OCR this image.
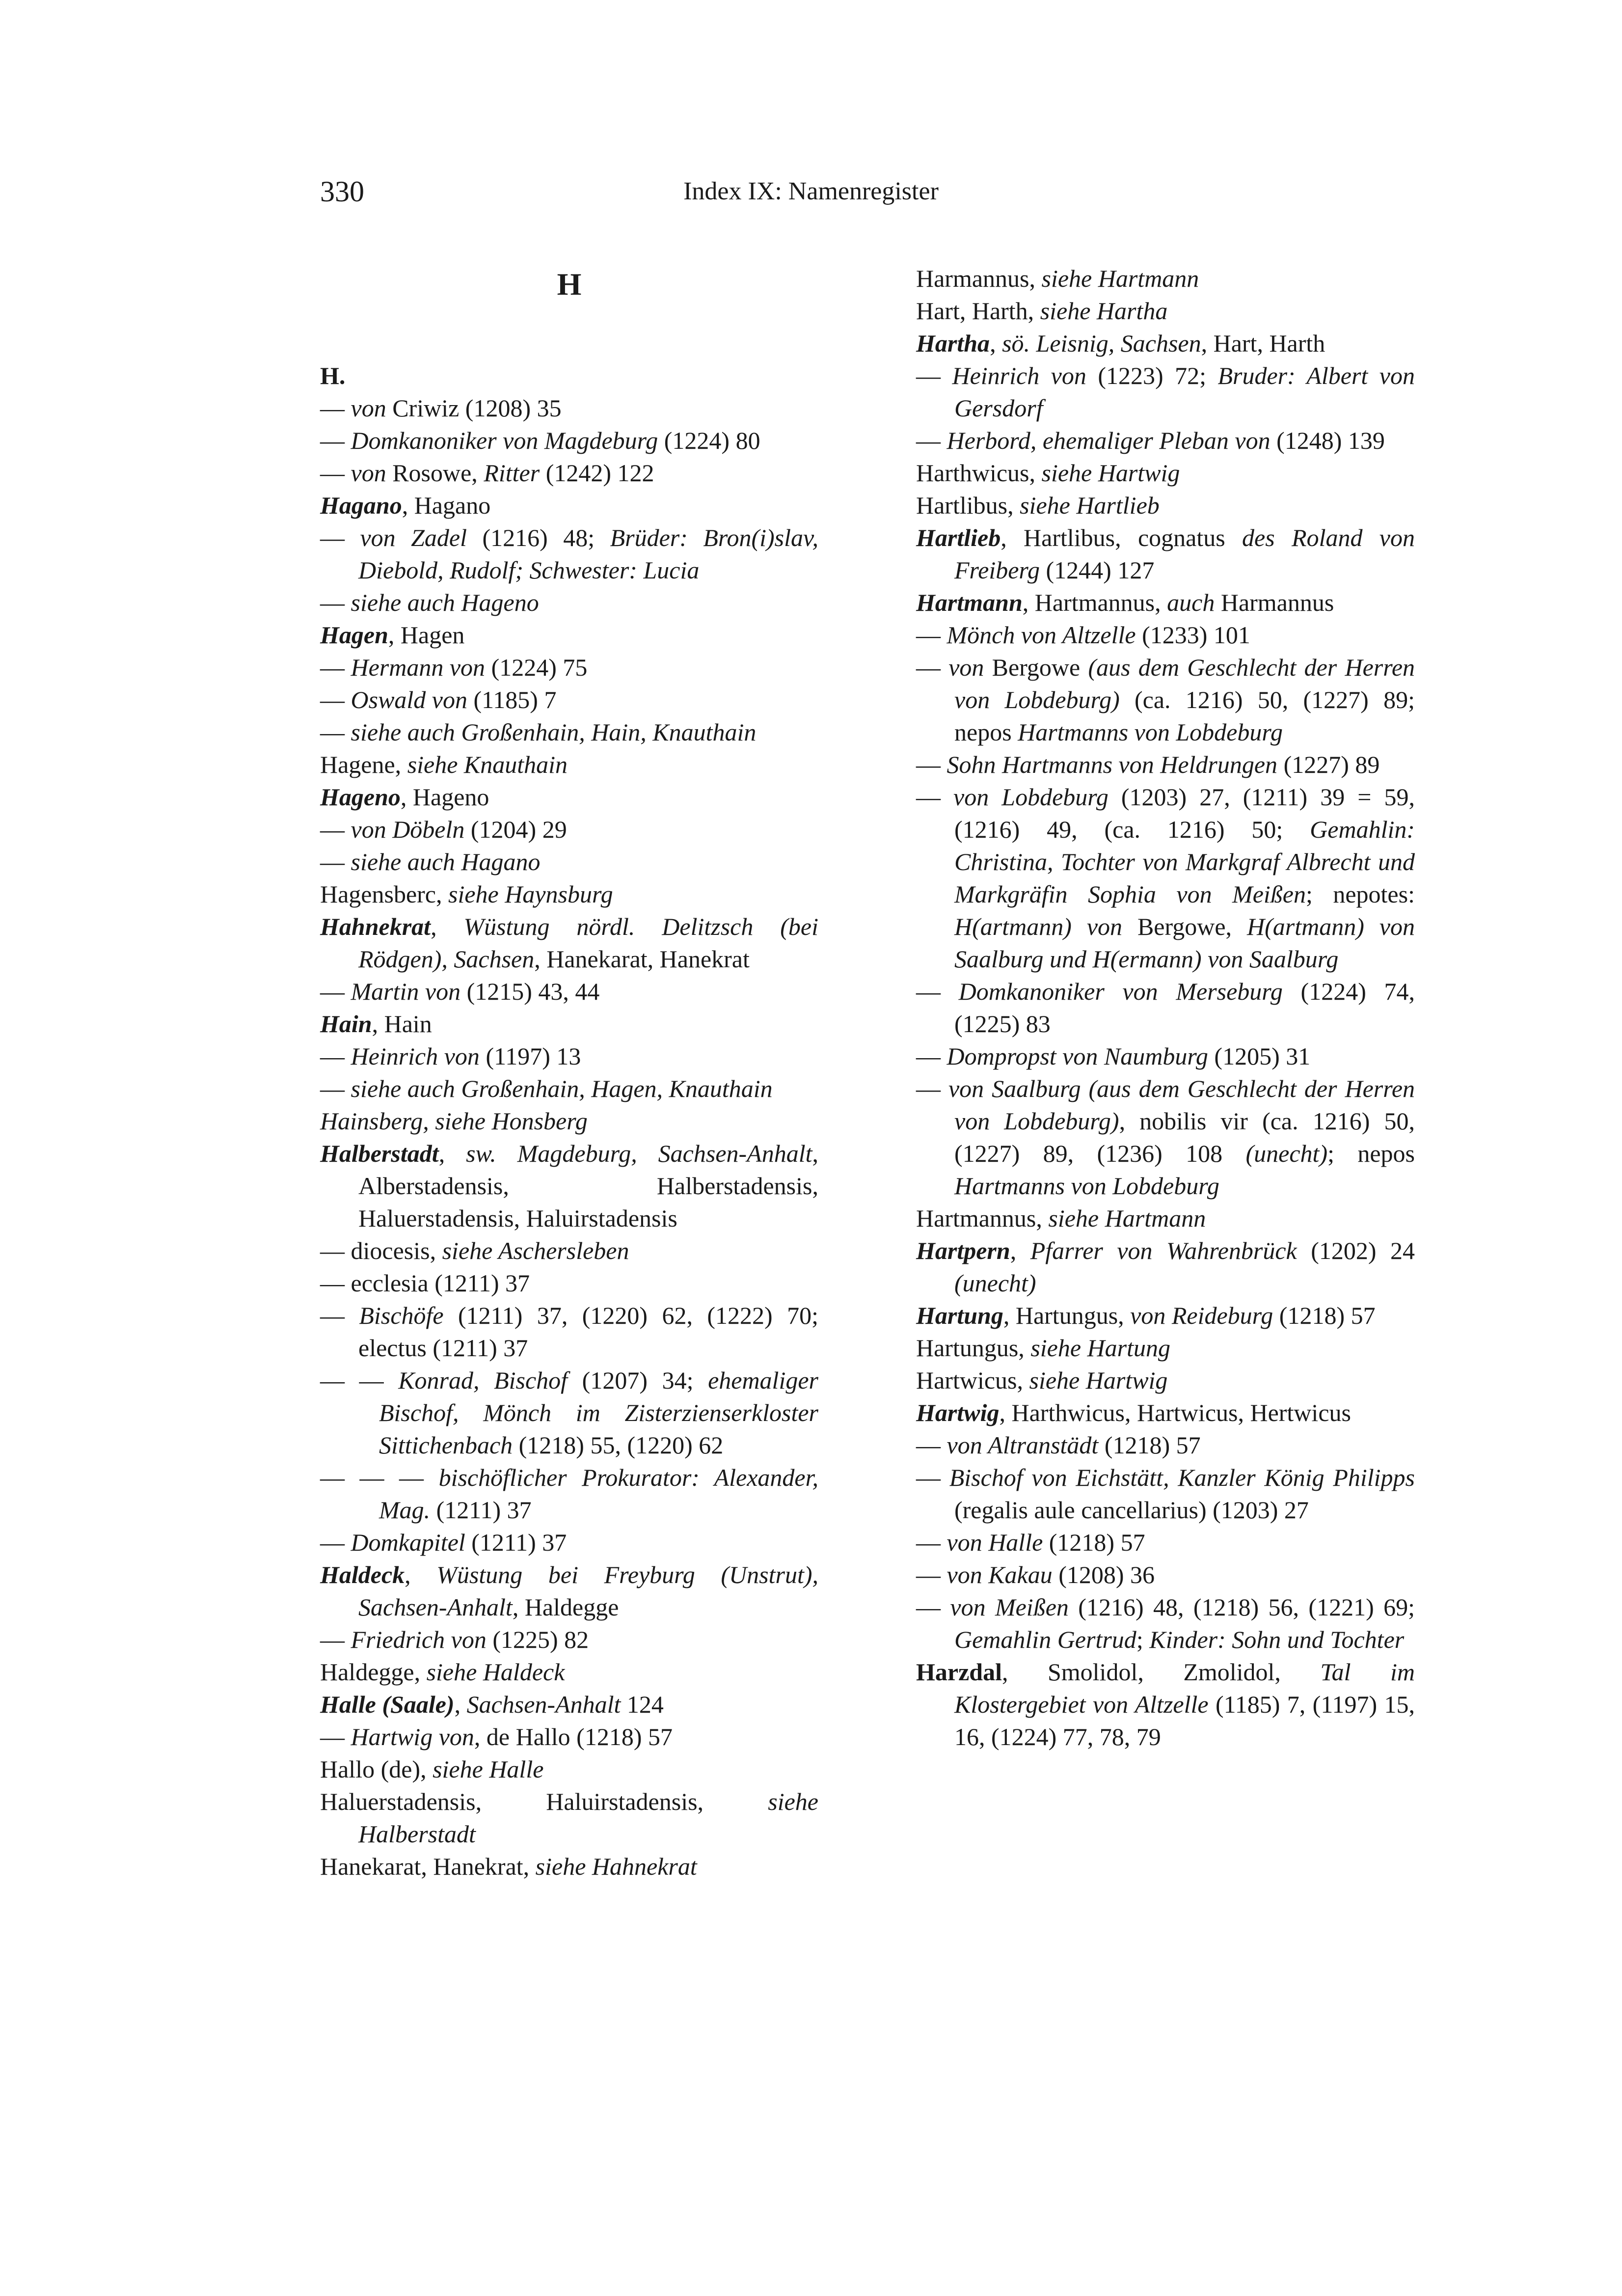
330	Index IX: Namenregister
H
H.
— von Criwiz (1208) 35
— Domkanoniker von Magdeburg (1224) 80
— von Rosowe, Ritter (1242) 122
Hagano, Hagano
— von Zadel (1216) 48; Brüder: Bron(i)slav, Diebold, Rudolf; Schwester: Lucia
— siehe auch Hageno
Hagen, Hagen
— Hermann von (1224) 75
— Oswald von (1185) 7
— siehe auch Großenhain, Hain, Knauthain
Hagene, siehe Knauthain
Hageno, Hageno
— von Döbeln (1204) 29
— siehe auch Hagano
Hagensberc, siehe Haynsburg
Hahnekrat, Wüstung nördl. Delitzsch (bei Rödgen), Sachsen, Hanekarat, Hanekrat
— Martin von (1215) 43, 44
Hain, Hain
— Heinrich von (1197) 13
— siehe auch Großenhain, Hagen, Knauthain
Hainsberg, siehe Honsberg
Halberstadt, sw. Magdeburg, Sachsen-Anhalt, Alberstadensis, Halberstadensis, Haluerstadensis, Haluirstadensis
— diocesis, siehe Aschersleben
— ecclesia (1211) 37
— Bischöfe (1211) 37, (1220) 62, (1222) 70; electus (1211) 37
— — Konrad, Bischof (1207) 34; ehemaliger Bischof, Mönch im Zisterzienserkloster Sittichenbach (1218) 55, (1220) 62
— — — bischöflicher Prokurator: Alexander, Mag. (1211) 37
— Domkapitel (1211) 37
Haldeck, Wüstung bei Freyburg (Unstrut), Sachsen-Anhalt, Haldegge
— Friedrich von (1225) 82
Haldegge, siehe Haldeck
Halle (Saale), Sachsen-Anhalt 124
— Hartwig von, de Hallo (1218) 57
Hallo (de), siehe Halle
Haluerstadensis, Haluirstadensis, siehe Halberstadt
Hanekarat, Hanekrat, siehe Hahnekrat
Harmannus, siehe Hartmann
Hart, Harth, siehe Hartha
Hartha, sö. Leisnig, Sachsen, Hart, Harth
— Heinrich von (1223) 72; Bruder: Albert von Gersdorf
— Herbord, ehemaliger Pleban von (1248) 139
Harthwicus, siehe Hartwig
Hartlibus, siehe Hartlieb
Hartlieb, Hartlibus, cognatus des Roland von Freiberg (1244) 127
Hartmann, Hartmannus, auch Harmannus
— Mönch von Altzelle (1233) 101
— von Bergowe (aus dem Geschlecht der Herren von Lobdeburg) (ca. 1216) 50, (1227) 89; nepos Hartmanns von Lobdeburg
— Sohn Hartmanns von Heldrungen (1227) 89
— von Lobdeburg (1203) 27, (1211) 39 = 59, (1216) 49, (ca. 1216) 50; Gemahlin: Christina, Tochter von Markgraf Albrecht und Markgräfin Sophia von Meißen; nepotes: H(artmann) von Bergowe, H(artmann) von Saalburg und H(ermann) von Saalburg
— Domkanoniker von Merseburg (1224) 74, (1225) 83
— Dompropst von Naumburg (1205) 31
— von Saalburg (aus dem Geschlecht der Herren von Lobdeburg), nobilis vir (ca. 1216) 50, (1227) 89, (1236) 108 (unecht); nepos Hartmanns von Lobdeburg
Hartmannus, siehe Hartmann
Hartpern, Pfarrer von Wahrenbrück (1202) 24 (unecht)
Hartung, Hartungus, von Reideburg (1218) 57
Hartungus, siehe Hartung
Hartwicus, siehe Hartwig
Hartwig, Harthwicus, Hartwicus, Hertwicus
— von Altranstädt (1218) 57
— Bischof von Eichstätt, Kanzler König Philipps (regalis aule cancellarius) (1203) 27
— von Halle (1218) 57
— von Kakau (1208) 36
— von Meißen (1216) 48, (1218) 56, (1221) 69; Gemahlin Gertrud; Kinder: Sohn und Tochter
Harzdal, Smolidol, Zmolidol, Tal im Klostergebiet von Altzelle (1185) 7, (1197) 15, 16, (1224) 77, 78, 79
